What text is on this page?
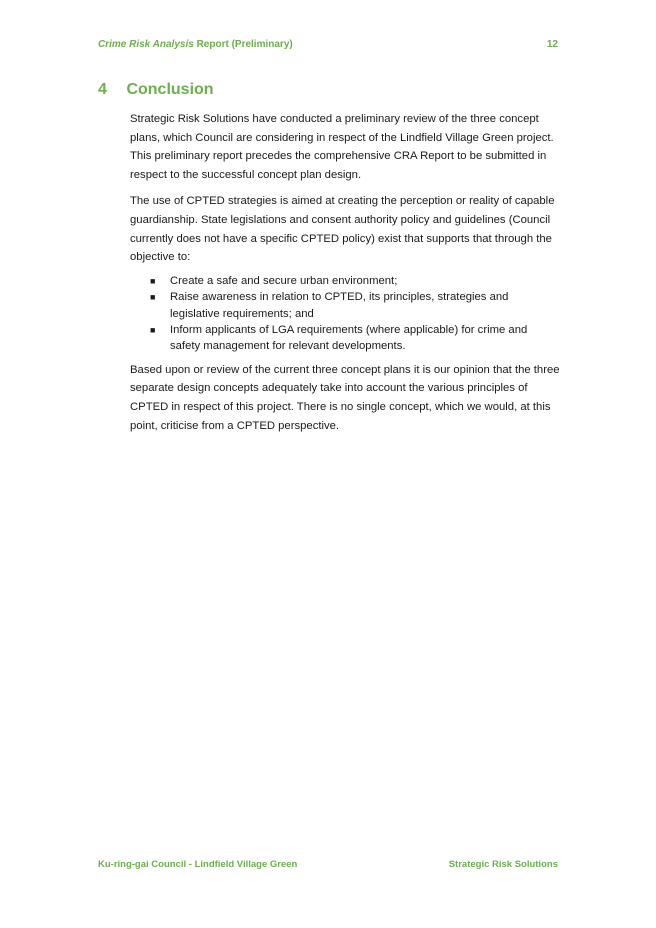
Crime Risk Analysis Report (Preliminary)	12
4 Conclusion

Strategic Risk Solutions have conducted a preliminary review of the three concept plans, which Council are considering in respect of the Lindfield Village Green project. This preliminary report precedes the comprehensive CRA Report to be submitted in respect to the successful concept plan design.

The use of CPTED strategies is aimed at creating the perception or reality of capable guardianship. State legislations and consent authority policy and guidelines (Council currently does not have a specific CPTED policy) exist that supports that through the objective to:

■ Create a safe and secure urban environment;
■ Raise awareness in relation to CPTED, its principles, strategies and legislative requirements; and
■ Inform applicants of LGA requirements (where applicable) for crime and safety management for relevant developments.

Based upon or review of the current three concept plans it is our opinion that the three separate design concepts adequately take into account the various principles of CPTED in respect of this project. There is no single concept, which we would, at this point, criticise from a CPTED perspective.

Ku-ring-gai Council - Lindfield Village Green	Strategic Risk Solutions
